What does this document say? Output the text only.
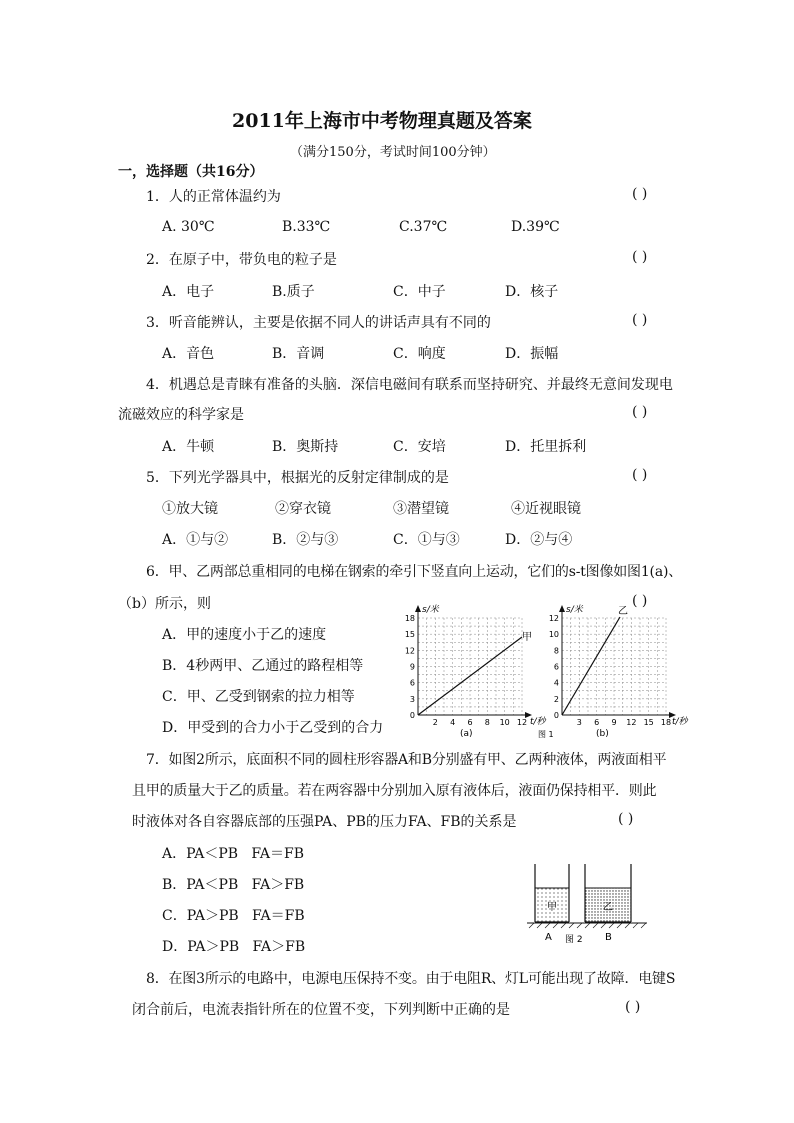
2011年上海市中考物理真题及答案
（满分150分，考试时间100分钟）
一，选择题（共16分）
1．人的正常体温约为	( )
A. 30℃	B.33℃	C.37℃	D.39℃
2．在原子中，带负电的粒子是	( )
A．电子	B.质子	C．中子	D．核子
3．听音能辨认，主要是依据不同人的讲话声具有不同的	( )
A．音色	B．音调	C．响度	D．振幅
4．机遇总是青睐有准备的头脑．深信电磁间有联系而坚持研究、并最终无意间发现电
流磁效应的科学家是	( )
A．牛顿	B．奥斯持	C．安培	D．托里拆利
5．下列光学器具中，根据光的反射定律制成的是	( )
①放大镜	②穿衣镜	③潜望镜	④近视眼镜
A．①与②	B．②与③	C．①与③	D．②与④
6．甲、乙两部总重相同的电梯在钢索的牵引下竖直向上运动，它们的s-t图像如图1(a)、
（b）所示，则	( )
A．甲的速度小于乙的速度
B．4秒两甲、乙通过的路程相等
C．甲、乙受到钢索的拉力相等
D．甲受到的合力小于乙受到的合力
s/米
t/秒
甲
0
3
6
9
12
15
18
2 4 6 8 10 12
(a)
s/米
t/秒
乙
0
2
4
6
8
10
12
3 6 9 12 15 18
(b)
图 1
7．如图2所示，底面积不同的圆柱形容器A和B分别盛有甲、乙两种液体，两液面相平
且甲的质量大于乙的质量。若在两容器中分别加入原有液体后，液面仍保持相平．则此
时液体对各自容器底部的压强PA、PB的压力FA、FB的关系是	( )
A．PA＜PB   FA＝FB
B．PA＜PB   FA＞FB
C．PA＞PB   FA＝FB
D．PA＞PB   FA＞FB
甲	乙
A	B
图 2
8．在图3所示的电路中，电源电压保持不变。由于电阻R、灯L可能出现了故障．电键S
闭合前后，电流表指针所在的位置不变，下列判断中正确的是	( )
